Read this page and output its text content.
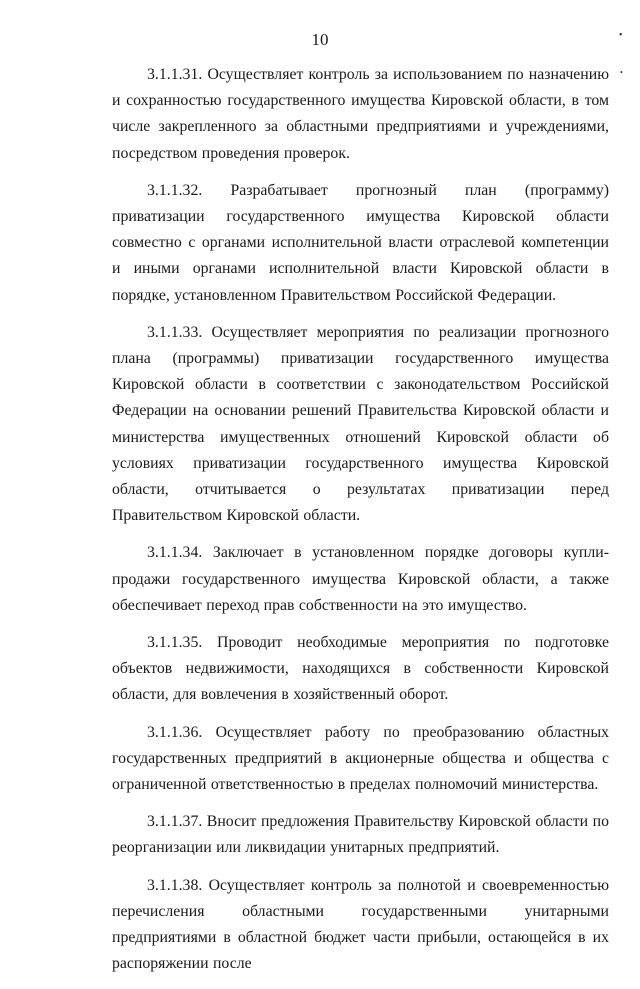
10	•
•

3.1.1.31. Осуществляет контроль за использованием по назначению и сохранностью государственного имущества Кировской области, в том числе закрепленного за областными предприятиями и учреждениями, посредством проведения проверок.

3.1.1.32. Разрабатывает прогнозный план (программу) приватизации государственного имущества Кировской области совместно с органами исполнительной власти отраслевой компетенции и иными органами исполнительной власти Кировской области в порядке, установленном Правительством Российской Федерации.

3.1.1.33. Осуществляет мероприятия по реализации прогнозного плана (программы) приватизации государственного имущества Кировской области в соответствии с законодательством Российской Федерации на основании решений Правительства Кировской области и министерства имущественных отношений Кировской области об условиях приватизации государственного имущества Кировской области, отчитывается о результатах приватизации перед Правительством Кировской области.

3.1.1.34. Заключает в установленном порядке договоры купли-продажи государственного имущества Кировской области, а также обеспечивает переход прав собственности на это имущество.

3.1.1.35. Проводит необходимые мероприятия по подготовке объектов недвижимости, находящихся в собственности Кировской области, для вовлечения в хозяйственный оборот.

3.1.1.36. Осуществляет работу по преобразованию областных государственных предприятий в акционерные общества и общества с ограниченной ответственностью в пределах полномочий министерства.

3.1.1.37. Вносит предложения Правительству Кировской области по реорганизации или ликвидации унитарных предприятий.

3.1.1.38. Осуществляет контроль за полнотой и своевременностью перечисления областными государственными унитарными предприятиями в областной бюджет части прибыли, остающейся в их распоряжении после
